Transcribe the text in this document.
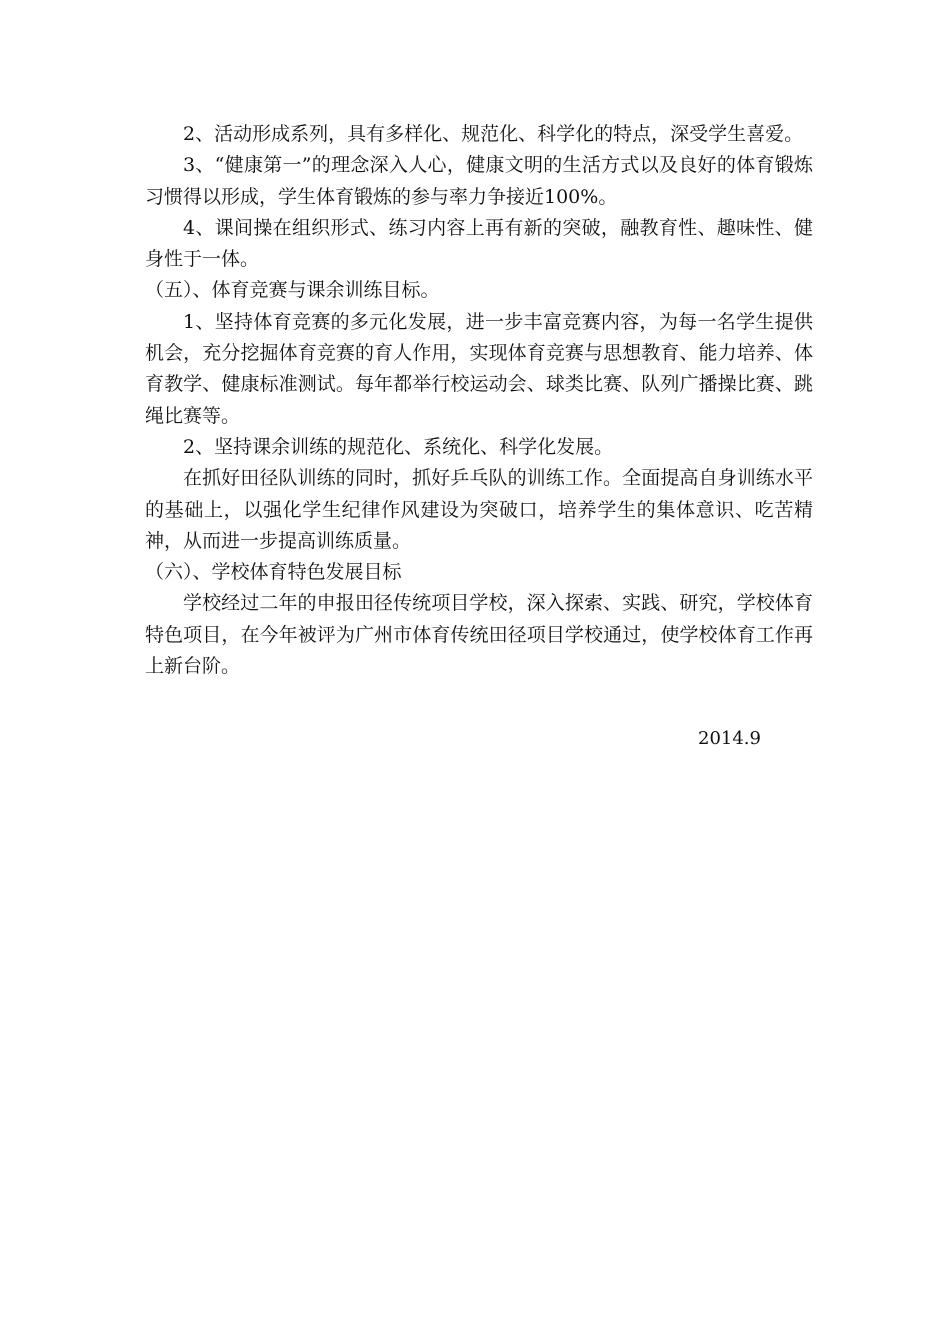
2、活动形成系列，具有多样化、规范化、科学化的特点，深受学生喜爱。

3、“健康第一”的理念深入人心，健康文明的生活方式以及良好的体育锻炼习惯得以形成，学生体育锻炼的参与率力争接近100%。

4、课间操在组织形式、练习内容上再有新的突破，融教育性、趣味性、健身性于一体。

（五）、体育竞赛与课余训练目标。

1、坚持体育竞赛的多元化发展，进一步丰富竞赛内容，为每一名学生提供机会，充分挖掘体育竞赛的育人作用，实现体育竞赛与思想教育、能力培养、体育教学、健康标准测试。每年都举行校运动会、球类比赛、队列广播操比赛、跳绳比赛等。

2、坚持课余训练的规范化、系统化、科学化发展。

在抓好田径队训练的同时，抓好乒乓队的训练工作。全面提高自身训练水平的基础上，以强化学生纪律作风建设为突破口，培养学生的集体意识、吃苦精神，从而进一步提高训练质量。

（六）、学校体育特色发展目标

学校经过二年的申报田径传统项目学校，深入探索、实践、研究，学校体育特色项目，在今年被评为广州市体育传统田径项目学校通过，使学校体育工作再上新台阶。

2014.9
